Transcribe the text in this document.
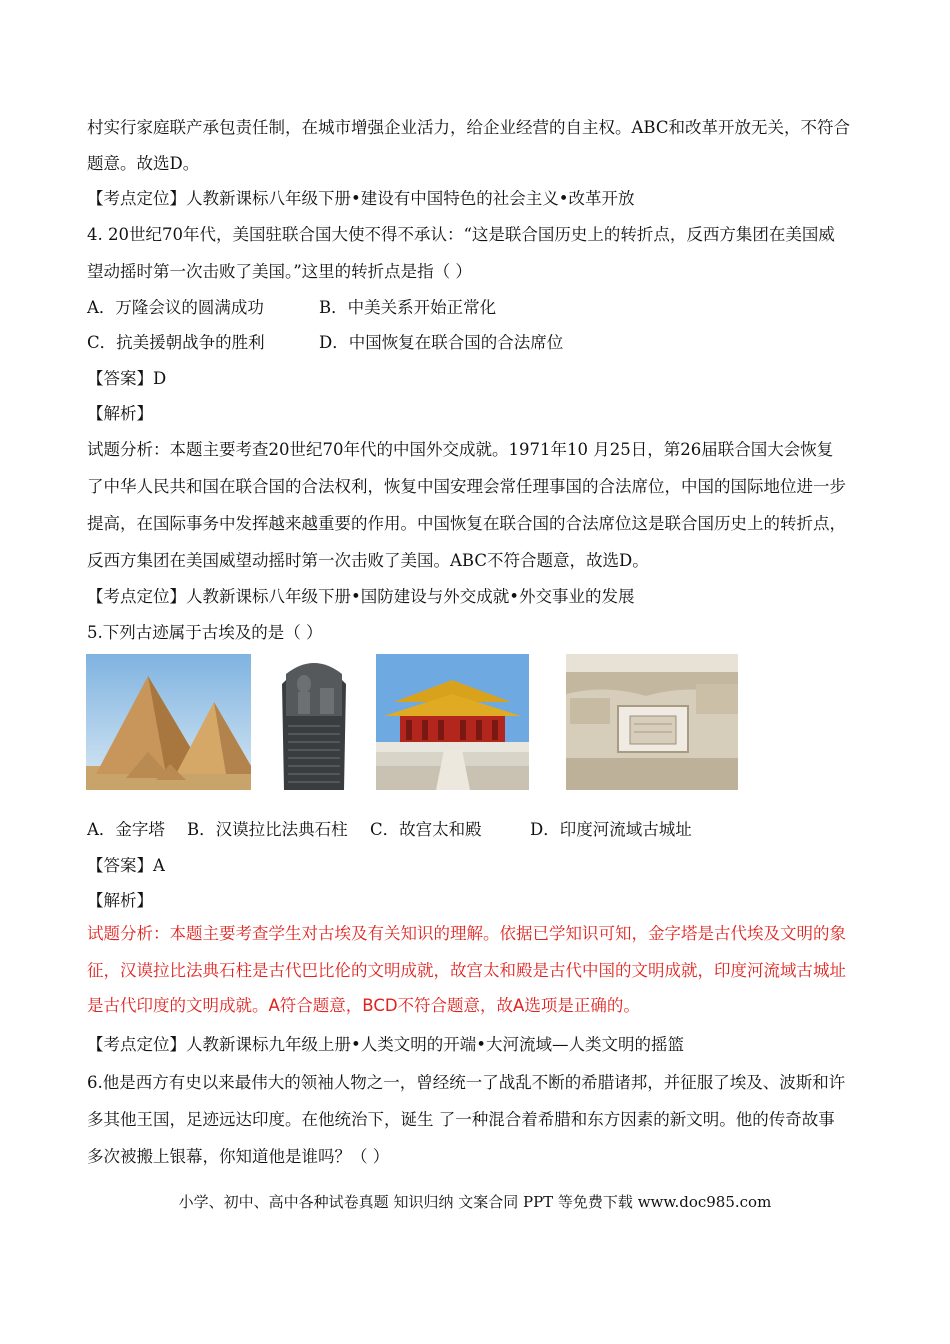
村实行家庭联产承包责任制，在城市增强企业活力，给企业经营的自主权。ABC和改革开放无关，不符合
题意。故选D。
【考点定位】人教新课标八年级下册•建设有中国特色的社会主义•改革开放
4. 20世纪70年代，美国驻联合国大使不得不承认：“这是联合国历史上的转折点，反西方集团在美国威
望动摇时第一次击败了美国。”这里的转折点是指（ ）
A．万隆会议的圆满成功	B．中美关系开始正常化
C．抗美援朝战争的胜利	D．中国恢复在联合国的合法席位
【答案】D
【解析】
试题分析：本题主要考查20世纪70年代的中国外交成就。1971年10 月25日，第26届联合国大会恢复
了中华人民共和国在联合国的合法权利，恢复中国安理会常任理事国的合法席位，中国的国际地位进一步
提高，在国际事务中发挥越来越重要的作用。中国恢复在联合国的合法席位这是联合国历史上的转折点，
反西方集团在美国威望动摇时第一次击败了美国。ABC不符合题意，故选D。
【考点定位】人教新课标八年级下册•国防建设与外交成就•外交事业的发展
5.下列古迹属于古埃及的是（ ）
A．金字塔 B．汉谟拉比法典石柱 C．故宫太和殿	D．印度河流域古城址
【答案】A
【解析】
试题分析：本题主要考查学生对古埃及有关知识的理解。依据已学知识可知，金字塔是古代埃及文明的象
征，汉谟拉比法典石柱是古代巴比伦的文明成就，故宫太和殿是古代中国的文明成就，印度河流域古城址
是古代印度的文明成就。A符合题意，BCD不符合题意，故A选项是正确的。
【考点定位】人教新课标九年级上册•人类文明的开端•大河流域—人类文明的摇篮
6.他是西方有史以来最伟大的领袖人物之一，曾经统一了战乱不断的希腊诸邦，并征服了埃及、波斯和许
多其他王国，足迹远达印度。在他统治下，诞生 了一种混合着希腊和东方因素的新文明。他的传奇故事
多次被搬上银幕，你知道他是谁吗？（ ）
小学、初中、高中各种试卷真题 知识归纳 文案合同 PPT 等免费下载 www.doc985.com
